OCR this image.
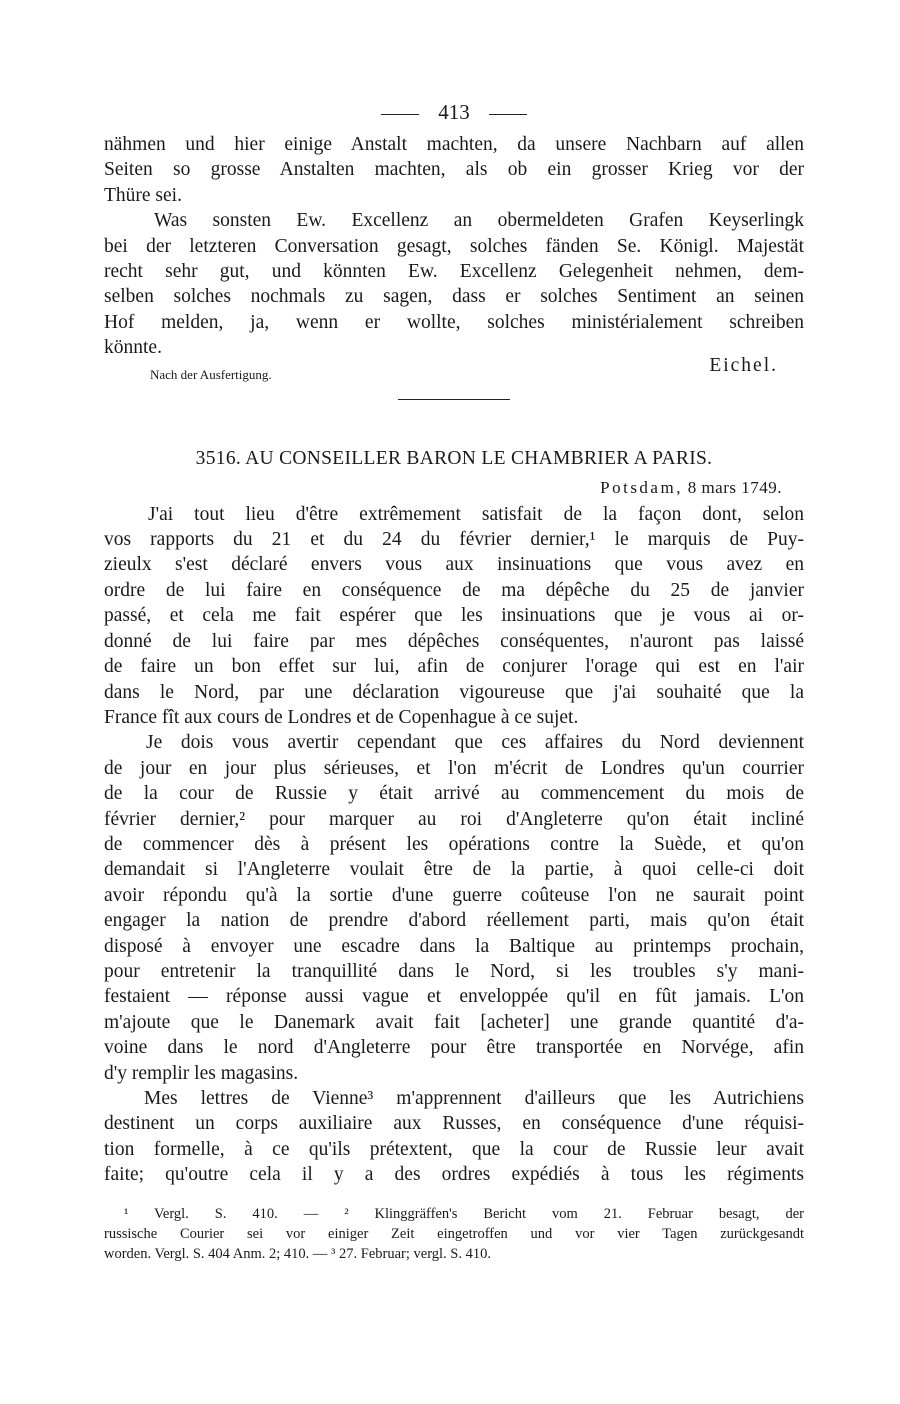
413
nähmen und hier einige Anstalt machten, da unsere Nachbarn auf allen
Seiten so grosse Anstalten machten, als ob ein grosser Krieg vor der
Thüre sei.
Was sonsten Ew. Excellenz an obermeldeten Grafen Keyserlingk
bei der letzteren Conversation gesagt, solches fänden Se. Königl. Majestät
recht sehr gut, und könnten Ew. Excellenz Gelegenheit nehmen, dem-
selben solches nochmals zu sagen, dass er solches Sentiment an seinen
Hof melden, ja, wenn er wollte, solches ministérialement schreiben
könnte.
Nach der Ausfertigung.	Eichel.
3516. AU CONSEILLER BARON LE CHAMBRIER A PARIS.
Potsdam, 8 mars 1749.
J'ai tout lieu d'être extrêmement satisfait de la façon dont, selon
vos rapports du 21 et du 24 du février dernier,¹ le marquis de Puy-
zieulx s'est déclaré envers vous aux insinuations que vous avez en
ordre de lui faire en conséquence de ma dépêche du 25 de janvier
passé, et cela me fait espérer que les insinuations que je vous ai or-
donné de lui faire par mes dépêches conséquentes, n'auront pas laissé
de faire un bon effet sur lui, afin de conjurer l'orage qui est en l'air
dans le Nord, par une déclaration vigoureuse que j'ai souhaité que la
France fît aux cours de Londres et de Copenhague à ce sujet.
Je dois vous avertir cependant que ces affaires du Nord deviennent
de jour en jour plus sérieuses, et l'on m'écrit de Londres qu'un courrier
de la cour de Russie y était arrivé au commencement du mois de
février dernier,² pour marquer au roi d'Angleterre qu'on était incliné
de commencer dès à présent les opérations contre la Suède, et qu'on
demandait si l'Angleterre voulait être de la partie, à quoi celle-ci doit
avoir répondu qu'à la sortie d'une guerre coûteuse l'on ne saurait point
engager la nation de prendre d'abord réellement parti, mais qu'on était
disposé à envoyer une escadre dans la Baltique au printemps prochain,
pour entretenir la tranquillité dans le Nord, si les troubles s'y mani-
festaient — réponse aussi vague et enveloppée qu'il en fût jamais. L'on
m'ajoute que le Danemark avait fait [acheter] une grande quantité d'a-
voine dans le nord d'Angleterre pour être transportée en Norvége, afin
d'y remplir les magasins.
Mes lettres de Vienne³ m'apprennent d'ailleurs que les Autrichiens
destinent un corps auxiliaire aux Russes, en conséquence d'une réquisi-
tion formelle, à ce qu'ils prétextent, que la cour de Russie leur avait
faite; qu'outre cela il y a des ordres expédiés à tous les régiments
¹ Vergl. S. 410. — ² Klinggräffen's Bericht vom 21. Februar besagt, der
russische Courier sei vor einiger Zeit eingetroffen und vor vier Tagen zurückgesandt
worden. Vergl. S. 404 Anm. 2; 410. — ³ 27. Februar; vergl. S. 410.
